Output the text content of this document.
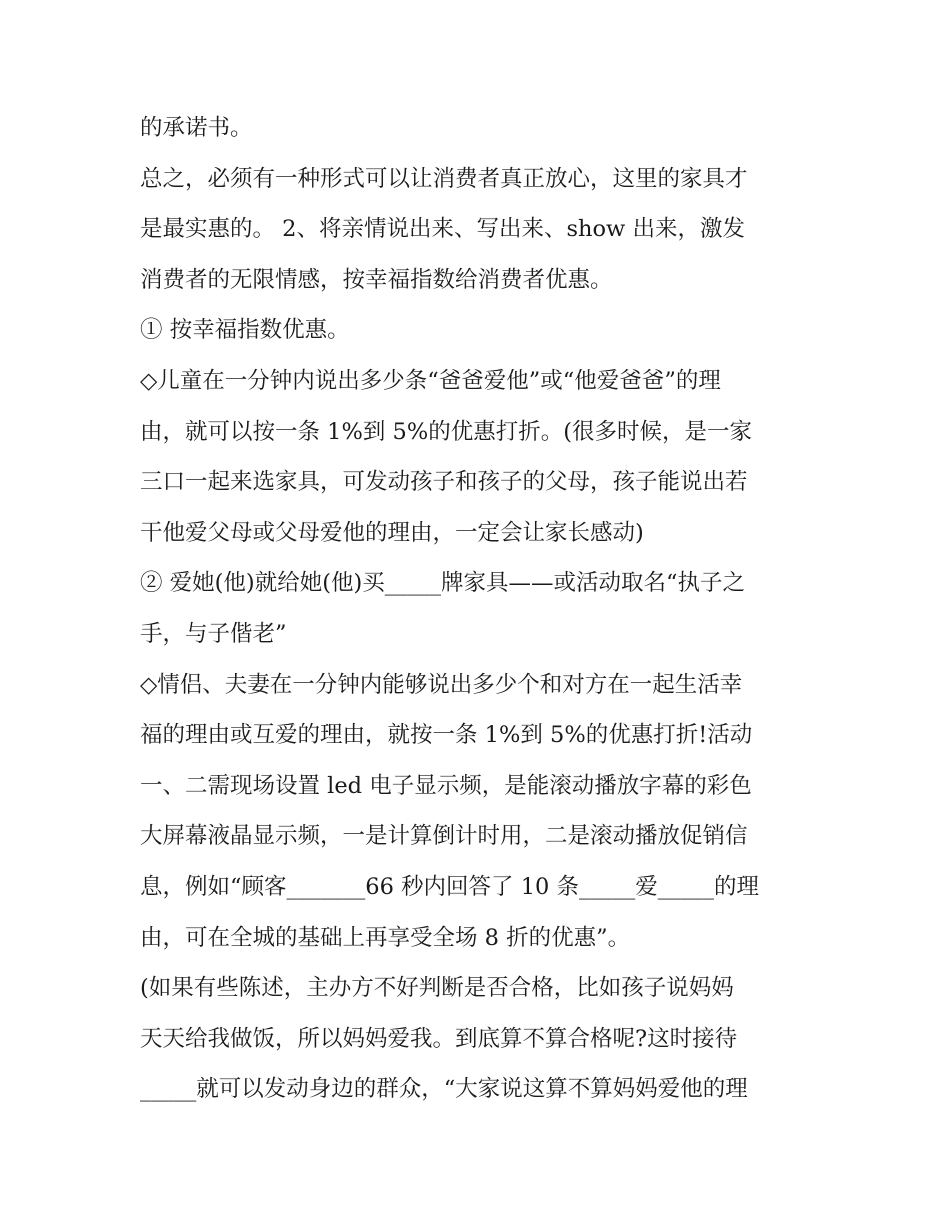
的承诺书。
总之，必须有一种形式可以让消费者真正放心，这里的家具才
是最实惠的。 2、将亲情说出来、写出来、show 出来，激发
消费者的无限情感，按幸福指数给消费者优惠。
① 按幸福指数优惠。
◇儿童在一分钟内说出多少条“爸爸爱他”或“他爱爸爸”的理
由，就可以按一条 1%到 5%的优惠打折。(很多时候，是一家
三口一起来选家具，可发动孩子和孩子的父母，孩子能说出若
干他爱父母或父母爱他的理由，一定会让家长感动)
② 爱她(他)就给她(他)买_____牌家具——或活动取名“执子之
手，与子偕老”
◇情侣、夫妻在一分钟内能够说出多少个和对方在一起生活幸
福的理由或互爱的理由，就按一条 1%到 5%的优惠打折!活动
一、二需现场设置 led 电子显示频，是能滚动播放字幕的彩色
大屏幕液晶显示频，一是计算倒计时用，二是滚动播放促销信
息，例如“顾客_______66 秒内回答了 10 条_____爱_____的理
由，可在全城的基础上再享受全场 8 折的优惠”。
(如果有些陈述，主办方不好判断是否合格，比如孩子说妈妈
天天给我做饭，所以妈妈爱我。到底算不算合格呢?这时接待
_____就可以发动身边的群众，“大家说这算不算妈妈爱他的理
